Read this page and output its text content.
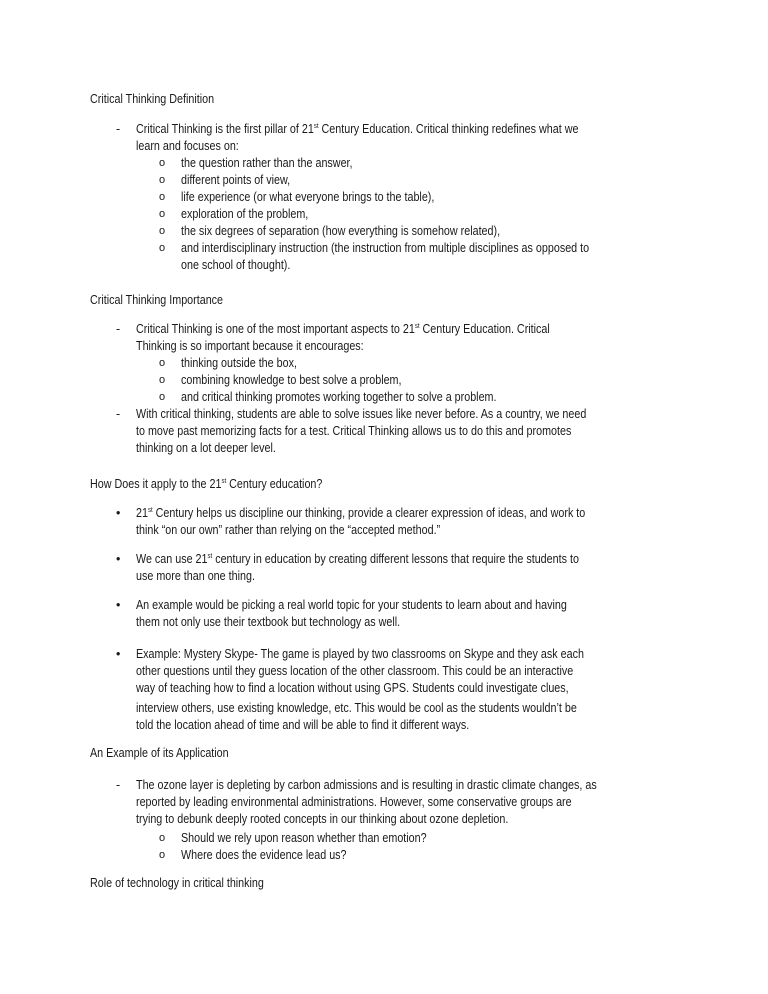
Critical Thinking Definition
- Critical Thinking is the first pillar of 21st Century Education. Critical thinking redefines what we
learn and focuses on:
o the question rather than the answer,
o different points of view,
o life experience (or what everyone brings to the table),
o exploration of the problem,
o the six degrees of separation (how everything is somehow related),
o and interdisciplinary instruction (the instruction from multiple disciplines as opposed to
one school of thought).
Critical Thinking Importance
- Critical Thinking is one of the most important aspects to 21st Century Education. Critical
Thinking is so important because it encourages:
o thinking outside the box,
o combining knowledge to best solve a problem,
o and critical thinking promotes working together to solve a problem.
- With critical thinking, students are able to solve issues like never before. As a country, we need
to move past memorizing facts for a test. Critical Thinking allows us to do this and promotes
thinking on a lot deeper level.
How Does it apply to the 21st Century education?
• 21st Century helps us discipline our thinking, provide a clearer expression of ideas, and work to
think “on our own” rather than relying on the “accepted method.”
• We can use 21st century in education by creating different lessons that require the students to
use more than one thing.
• An example would be picking a real world topic for your students to learn about and having
them not only use their textbook but technology as well.
• Example: Mystery Skype- The game is played by two classrooms on Skype and they ask each
other questions until they guess location of the other classroom. This could be an interactive
way of teaching how to find a location without using GPS. Students could investigate clues,
interview others, use existing knowledge, etc. This would be cool as the students wouldn’t be
told the location ahead of time and will be able to find it different ways.
An Example of its Application
- The ozone layer is depleting by carbon admissions and is resulting in drastic climate changes, as
reported by leading environmental administrations. However, some conservative groups are
trying to debunk deeply rooted concepts in our thinking about ozone depletion.
o Should we rely upon reason whether than emotion?
o Where does the evidence lead us?
Role of technology in critical thinking
